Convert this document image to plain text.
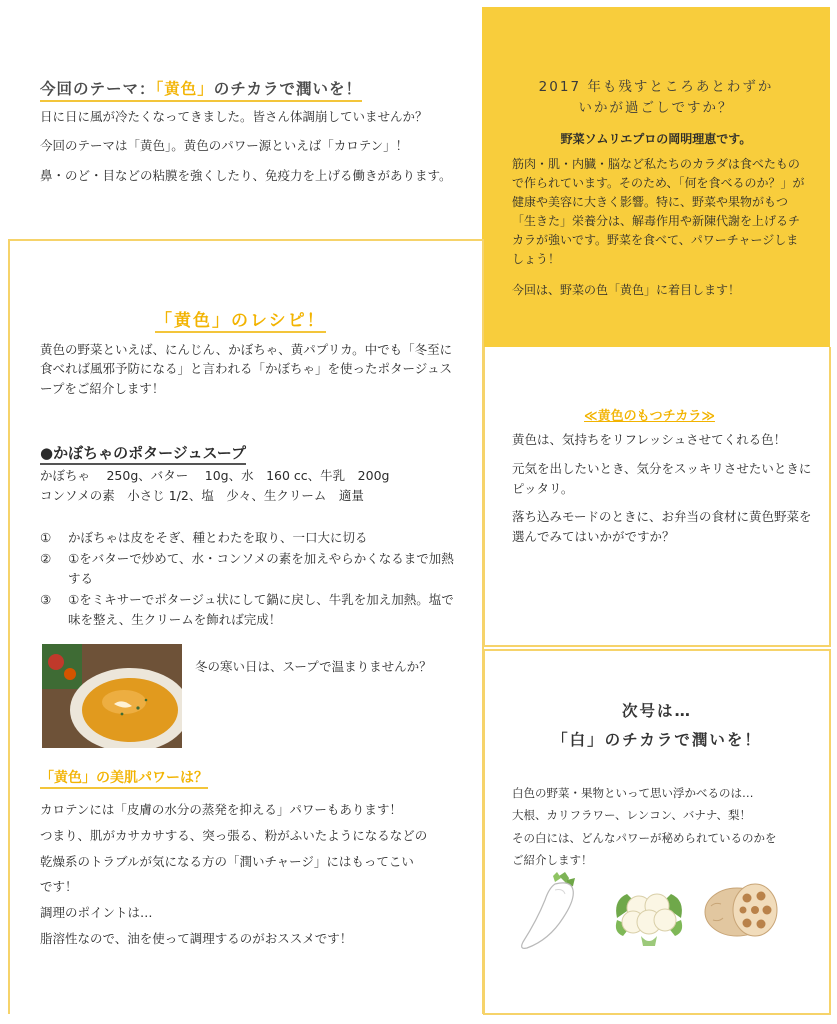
今回のテーマ：「黄色」のチカラで潤いを！

日に日に風が冷たくなってきました。皆さん体調崩していませんか？

今回のテーマは「黄色」。黄色のパワー源といえば「カロテン」！

鼻・のど・目などの粘膜を強くしたり、免疫力を上げる働きがあります。

2017 年も残すところあとわずか
いかが過ごしですか？
野菜ソムリエプロの岡明理恵です。
筋肉・肌・内臓・脳など私たちのカラダは食べたもので作られています。そのため、「何を食べるのか？」が健康や美容に大きく影響。特に、野菜や果物がもつ「生きた」栄養分は、解毒作用や新陳代謝を上げるチカラが強いです。野菜を食べて、パワーチャージしましょう！
今回は、野菜の色「黄色」に着目します！
「黄色」のレシピ！
黄色の野菜といえば、にんじん、かぼちゃ、黄パプリカ。中でも「冬至に食べれば風邪予防になる」と言われる「かぼちゃ」を使ったポタージュスープをご紹介します！
●かぼちゃのポタージュスープ
かぼちゃ　 250g、バター　 10g、水　160 cc、牛乳　200g
コンソメの素　小さじ 1/2、塩　少々、生クリーム　適量
①	かぼちゃは皮をそぎ、種とわたを取り、一口大に切る
②	①をバターで炒めて、水・コンソメの素を加えやらかくなるまで加熱する
③	①をミキサーでポタージュ状にして鍋に戻し、牛乳を加え加熱。塩で味を整え、生クリームを飾れば完成！
冬の寒い日は、スープで温まりませんか？
「黄色」の美肌パワーは？
カロテンには「皮膚の水分の蒸発を抑える」パワーもあります！
つまり、肌がカサカサする、突っ張る、粉がふいたようになるなどの
乾燥系のトラブルが気になる方の「潤いチャージ」にはもってこい
です！
調理のポイントは…
脂溶性なので、油を使って調理するのがおススメです！
≪黄色のもつチカラ≫

黄色は、気持ちをリフレッシュさせてくれる色！

元気を出したいとき、気分をスッキリさせたいときにピッタリ。

落ち込みモードのときに、お弁当の食材に黄色野菜を選んでみてはいかがですか？

次号は…
「白」のチカラで潤いを！
白色の野菜・果物といって思い浮かべるのは…
大根、カリフラワー、レンコン、バナナ、梨！
その白には、どんなパワーが秘められているのかを
ご紹介します！
